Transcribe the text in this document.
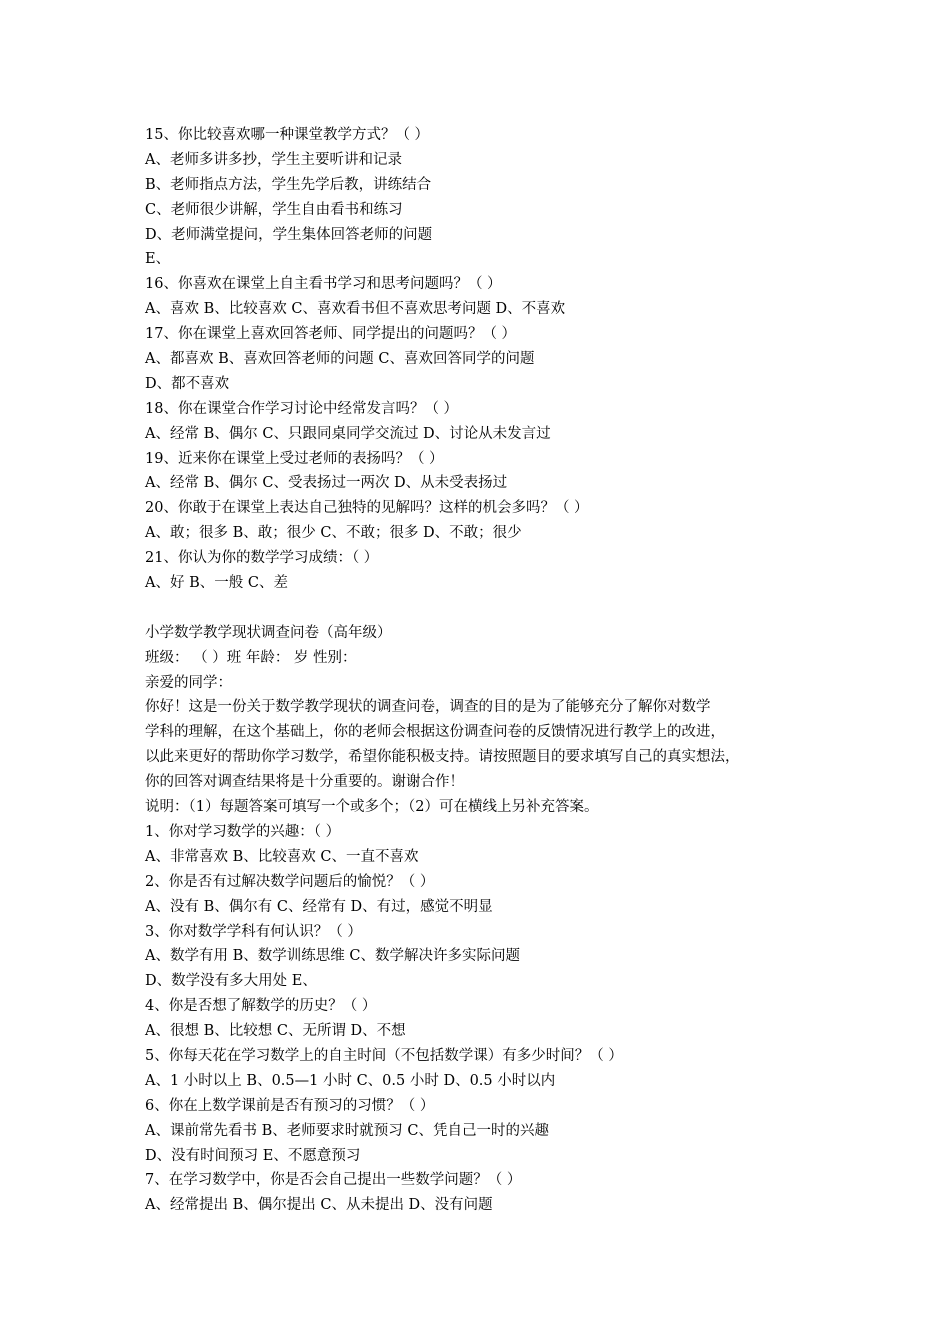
15、你比较喜欢哪一种课堂教学方式？（ ）
A、老师多讲多抄，学生主要听讲和记录
B、老师指点方法，学生先学后教，讲练结合
C、老师很少讲解，学生自由看书和练习
D、老师满堂提问，学生集体回答老师的问题
E、
16、你喜欢在课堂上自主看书学习和思考问题吗？（ ）
A、喜欢 B、比较喜欢 C、喜欢看书但不喜欢思考问题 D、不喜欢
17、你在课堂上喜欢回答老师、同学提出的问题吗？（ ）
A、都喜欢 B、喜欢回答老师的问题 C、喜欢回答同学的问题
D、都不喜欢
18、你在课堂合作学习讨论中经常发言吗？（ ）
A、经常 B、偶尔 C、只跟同桌同学交流过 D、讨论从未发言过
19、近来你在课堂上受过老师的表扬吗？（ ）
A、经常 B、偶尔 C、受表扬过一两次 D、从未受表扬过
20、你敢于在课堂上表达自己独特的见解吗？这样的机会多吗？（ ）
A、敢；很多 B、敢；很少 C、不敢；很多 D、不敢；很少
21、你认为你的数学学习成绩：（ ）
A、好 B、一般 C、差
小学数学教学现状调查问卷（高年级）
班级： （ ）班 年龄： 岁 性别：
亲爱的同学：
你好！这是一份关于数学教学现状的调查问卷，调查的目的是为了能够充分了解你对数学
学科的理解，在这个基础上，你的老师会根据这份调查问卷的反馈情况进行教学上的改进，
以此来更好的帮助你学习数学，希望你能积极支持。请按照题目的要求填写自己的真实想法，
你的回答对调查结果将是十分重要的。谢谢合作！
说明：（1）每题答案可填写一个或多个；（2）可在横线上另补充答案。
1、你对学习数学的兴趣：（ ）
A、非常喜欢 B、比较喜欢 C、一直不喜欢
2、你是否有过解决数学问题后的愉悦？（ ）
A、没有 B、偶尔有 C、经常有 D、有过，感觉不明显
3、你对数学学科有何认识？（ ）
A、数学有用 B、数学训练思维 C、数学解决许多实际问题
D、数学没有多大用处 E、
4、你是否想了解数学的历史？（ ）
A、很想 B、比较想 C、无所谓 D、不想
5、你每天花在学习数学上的自主时间（不包括数学课）有多少时间？（ ）
A、1 小时以上 B、0.5—1 小时 C、0.5 小时 D、0.5 小时以内
6、你在上数学课前是否有预习的习惯？（ ）
A、课前常先看书 B、老师要求时就预习 C、凭自己一时的兴趣
D、没有时间预习 E、不愿意预习
7、在学习数学中，你是否会自己提出一些数学问题？（ ）
A、经常提出 B、偶尔提出 C、从未提出 D、没有问题
